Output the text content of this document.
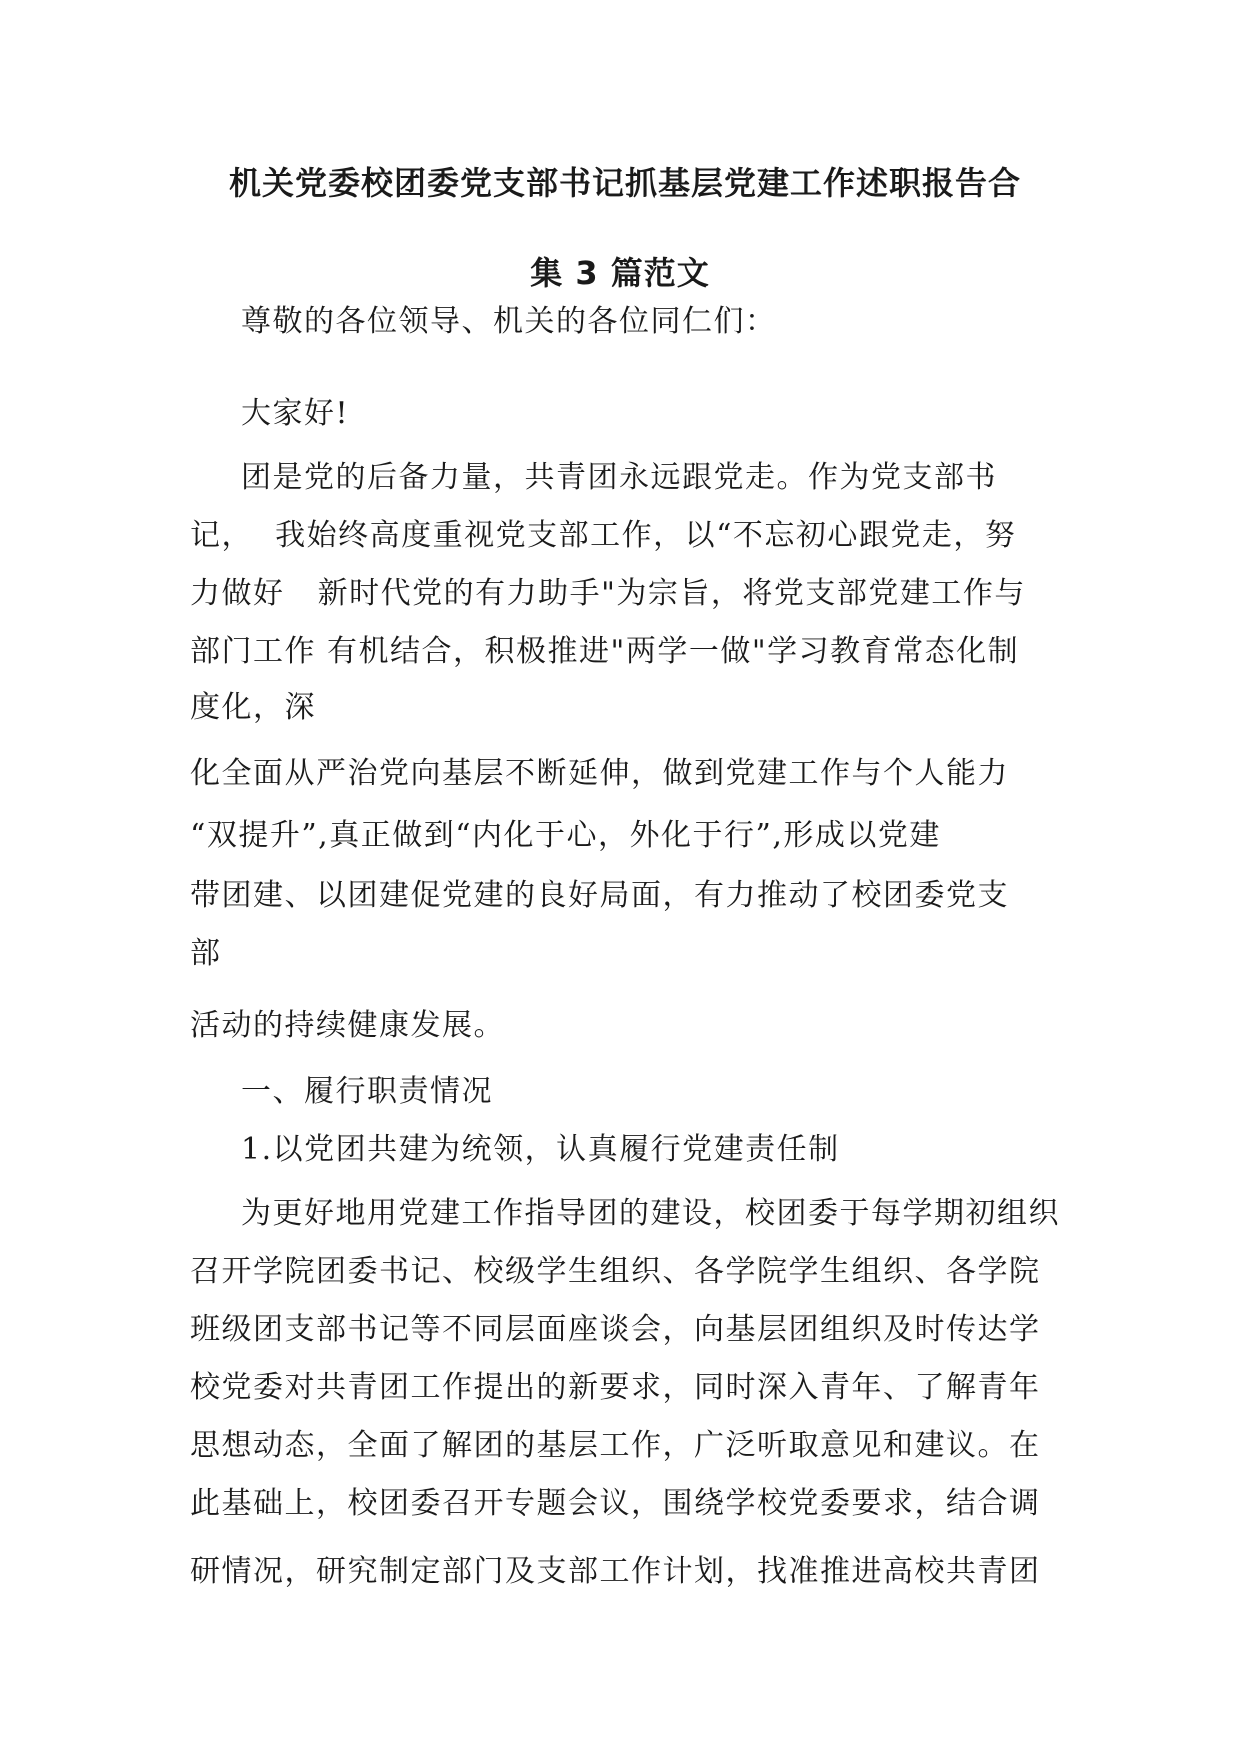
机关党委校团委党支部书记抓基层党建工作述职报告合
集 3 篇范文
尊敬的各位领导、机关的各位同仁们：
大家好!
团是党的后备力量，共青团永远跟党走。作为党支部书
记，  我始终高度重视党支部工作，以“不忘初心跟党走，努
力做好   新时代党的有力助手"为宗旨，将党支部党建工作与
部门工作 有机结合，积极推进"两学一做"学习教育常态化制
度化，深
化全面从严治党向基层不断延伸，做到党建工作与个人能力
“双提升”,真正做到“内化于心，外化于行”,形成以党建
带团建、以团建促党建的良好局面，有力推动了校团委党支
部
活动的持续健康发展。
一、履行职责情况
1.以党团共建为统领，认真履行党建责任制
为更好地用党建工作指导团的建设，校团委于每学期初组织
召开学院团委书记、校级学生组织、各学院学生组织、各学院
班级团支部书记等不同层面座谈会，向基层团组织及时传达学
校党委对共青团工作提出的新要求，同时深入青年、了解青年
思想动态，全面了解团的基层工作，广泛听取意见和建议。在
此基础上，校团委召开专题会议，围绕学校党委要求，结合调
研情况，研究制定部门及支部工作计划，找准推进高校共青团
